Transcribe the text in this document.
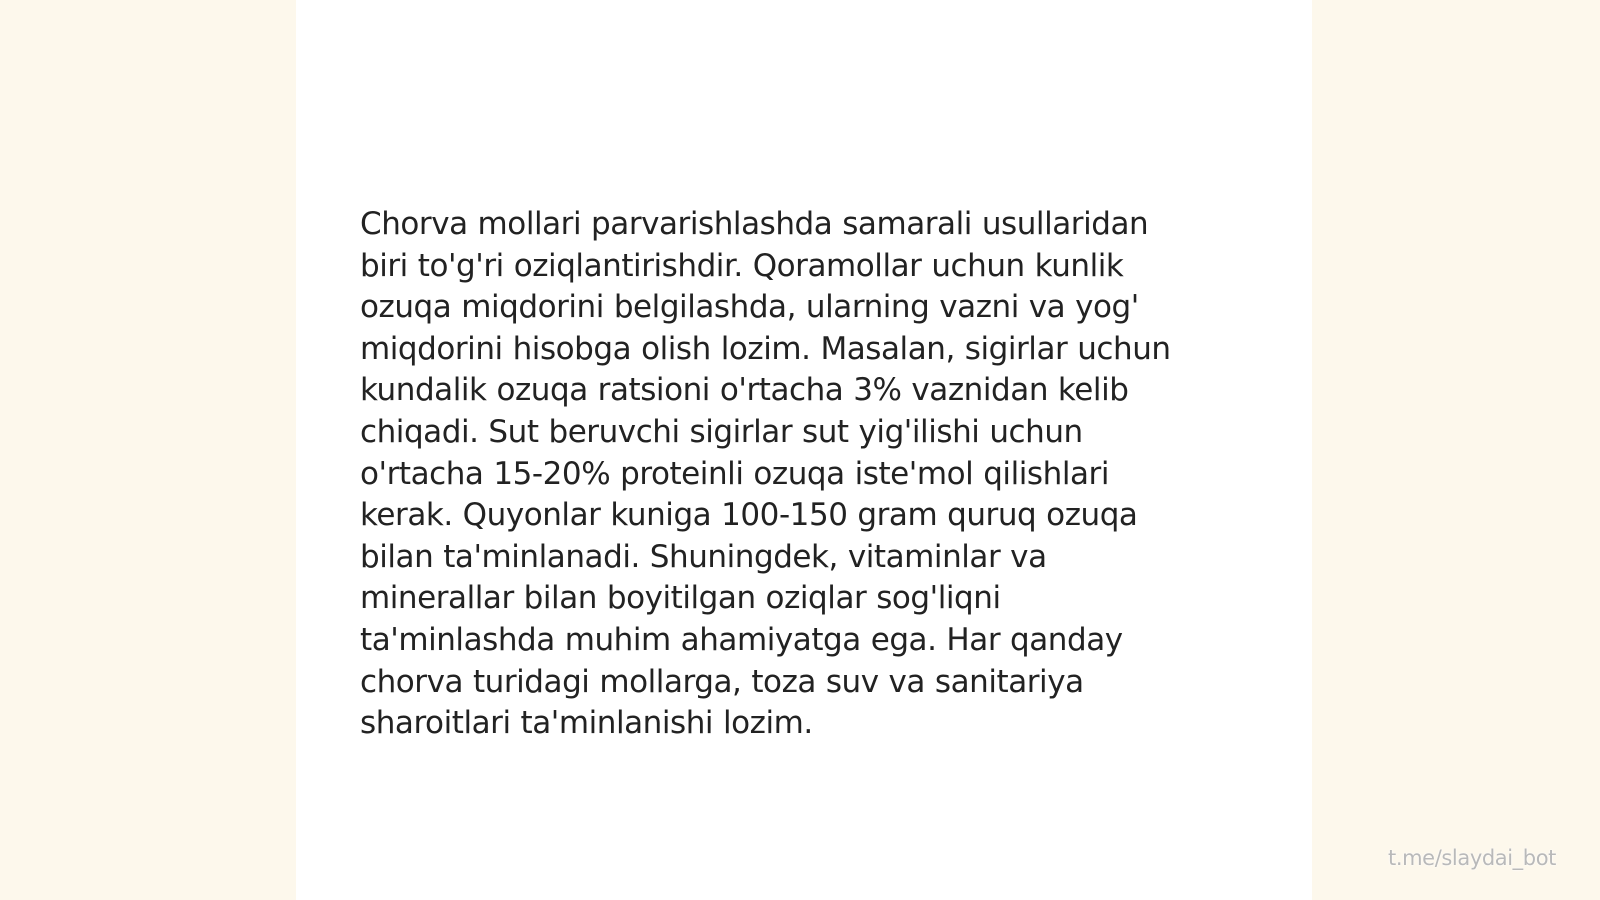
Chorva mollari parvarishlashda samarali usullaridan
biri to'g'ri oziqlantirishdir. Qoramollar uchun kunlik
ozuqa miqdorini belgilashda, ularning vazni va yog'
miqdorini hisobga olish lozim. Masalan, sigirlar uchun
kundalik ozuqa ratsioni o'rtacha 3% vaznidan kelib
chiqadi. Sut beruvchi sigirlar sut yig'ilishi uchun
o'rtacha 15-20% proteinli ozuqa iste'mol qilishlari
kerak. Quyonlar kuniga 100-150 gram quruq ozuqa
bilan ta'minlanadi. Shuningdek, vitaminlar va
minerallar bilan boyitilgan oziqlar sog'liqni
ta'minlashda muhim ahamiyatga ega. Har qanday
chorva turidagi mollarga, toza suv va sanitariya
sharoitlari ta'minlanishi lozim.

t.me/slaydai_bot
